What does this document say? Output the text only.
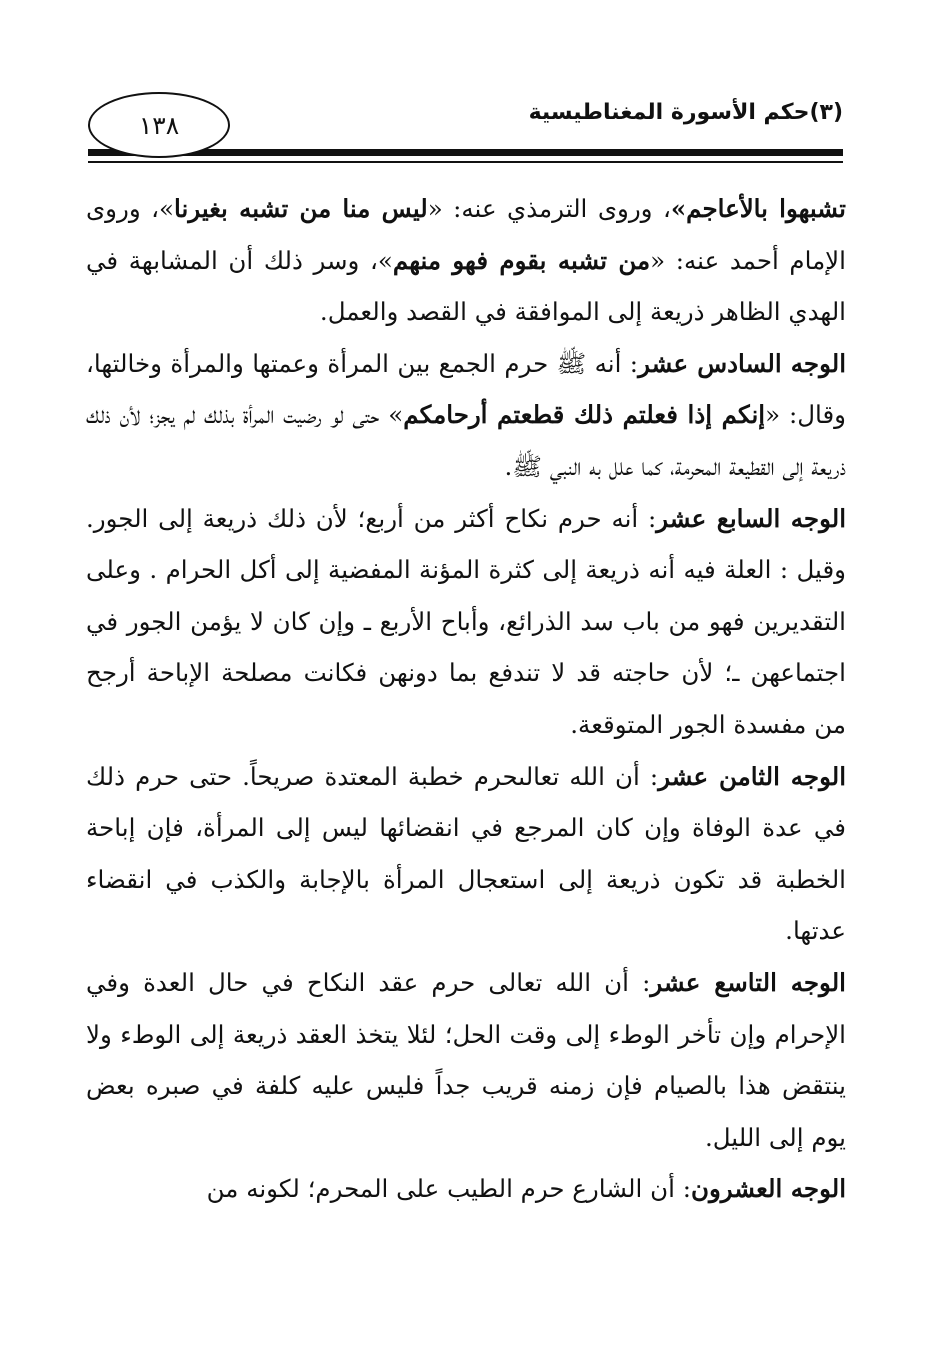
١٣٨	(٣)حكم الأسورة المغناطيسية

تشبهوا بالأعاجم»، وروى الترمذي عنه: «ليس منا من تشبه بغيرنا»، وروى الإمام أحمد عنه: «من تشبه بقوم فهو منهم»، وسر ذلك أن المشابهة في الهدي الظاهر ذريعة إلى الموافقة في القصد والعمل.

الوجه السادس عشر: أنه ﷺ حرم الجمع بين المرأة وعمتها والمرأة وخالتها، وقال: «إنكم إذا فعلتم ذلك قطعتم أرحامكم» حتى لو رضيت المرأة بذلك لم يجز؛ لأن ذلك ذريعة إلى القطيعة المحرمة، كما علل به النبي ﷺ.

الوجه السابع عشر: أنه حرم نكاح أكثر من أربع؛ لأن ذلك ذريعة إلى الجور. وقيل : العلة فيه أنه ذريعة إلى كثرة المؤنة المفضية إلى أكل الحرام . وعلى التقديرين فهو من باب سد الذرائع، وأباح الأربع ـ وإن كان لا يؤمن الجور في اجتماعهن ـ؛ لأن حاجته قد لا تندفع بما دونهن فكانت مصلحة الإباحة أرجح من مفسدة الجور المتوقعة.

الوجه الثامن عشر: أن الله تعالىحرم خطبة المعتدة صريحاً. حتى حرم ذلك في عدة الوفاة وإن كان المرجع في انقضائها ليس إلى المرأة، فإن إباحة الخطبة قد تكون ذريعة إلى استعجال المرأة بالإجابة والكذب في انقضاء عدتها.

الوجه التاسع عشر: أن الله تعالى حرم عقد النكاح في حال العدة وفي الإحرام وإن تأخر الوطء إلى وقت الحل؛ لئلا يتخذ العقد ذريعة إلى الوطء ولا ينتقض هذا بالصيام فإن زمنه قريب جداً فليس عليه كلفة في صبره بعض يوم إلى الليل.

الوجه العشرون: أن الشارع حرم الطيب على المحرم؛ لكونه من
